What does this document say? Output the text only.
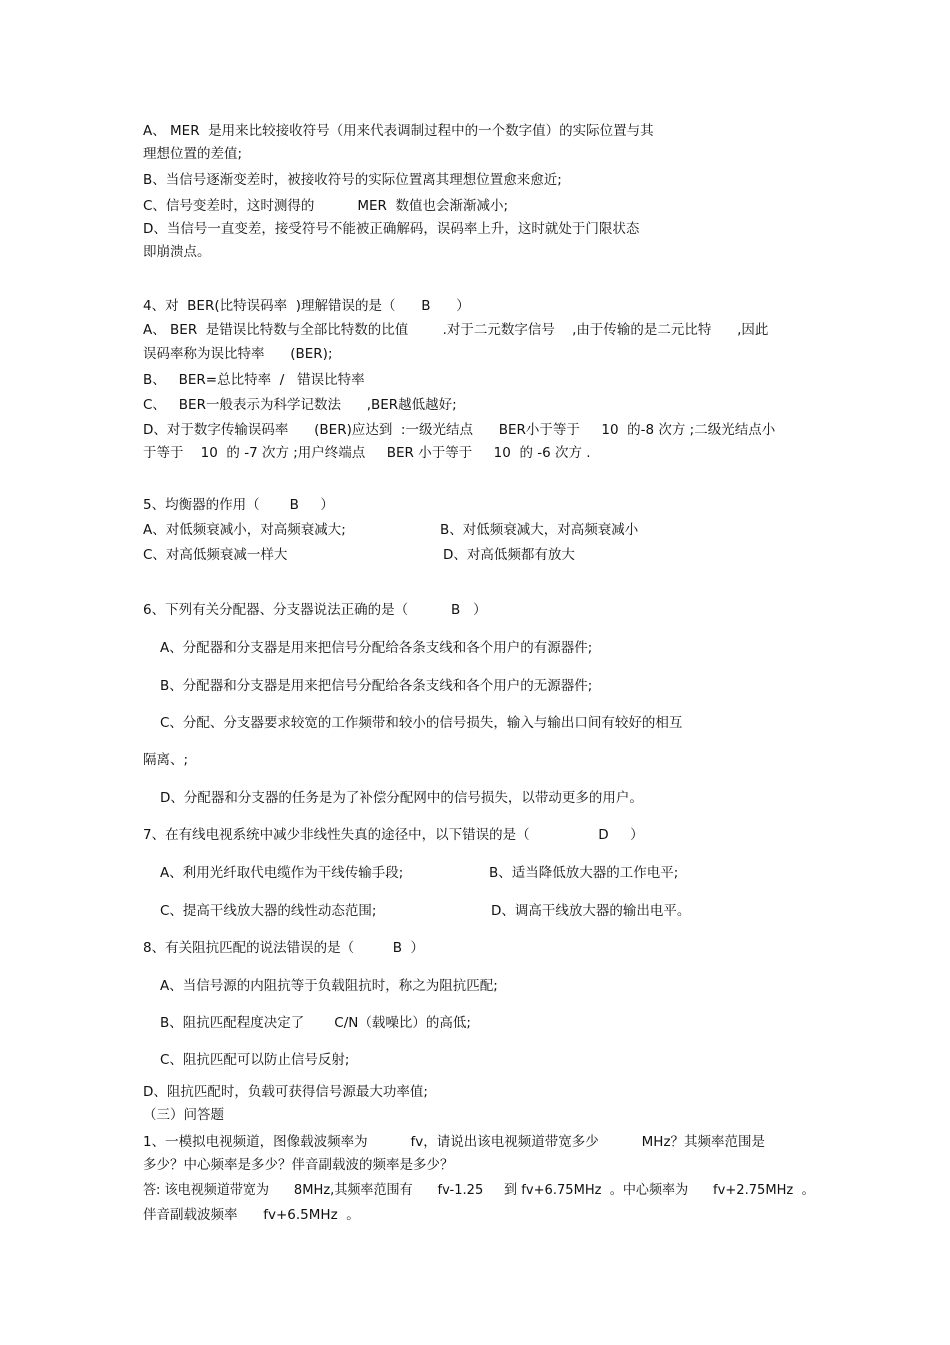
A、 MER  是用来比较接收符号（用来代表调制过程中的一个数字值）的实际位置与其

理想位置的差值;

B、当信号逐渐变差时，被接收符号的实际位置离其理想位置愈来愈近;

C、信号变差时，这时测得的          MER  数值也会渐渐减小;

D、当信号一直变差，接受符号不能被正确解码，误码率上升，这时就处于门限状态

即崩溃点。

4、对  BER(比特误码率  )理解错误的是（      B      ）

A、 BER  是错误比特数与全部比特数的比值        .对于二元数字信号    ,由于传输的是二元比特      ,因此

误码率称为误比特率      (BER);

B、   BER=总比特率  /   错误比特率

C、   BER一般表示为科学记数法      ,BER越低越好;

D、对于数字传输误码率      (BER)应达到  :一级光结点      BER小于等于     10  的-8 次方 ;二级光结点小

于等于    10  的 -7 次方 ;用户终端点     BER 小于等于     10  的 -6 次方 .

5、均衡器的作用（       B     ）

A、对低频衰减小，对高频衰减大;	B、对低频衰减大，对高频衰减小

C、对高低频衰减一样大	D、对高低频都有放大

6、下列有关分配器、分支器说法正确的是（          B   ）

A、分配器和分支器是用来把信号分配给各条支线和各个用户的有源器件;

B、分配器和分支器是用来把信号分配给各条支线和各个用户的无源器件;

C、分配、分支器要求较宽的工作频带和较小的信号损失，输入与输出口间有较好的相互

隔离、;

D、分配器和分支器的任务是为了补偿分配网中的信号损失，以带动更多的用户。

7、在有线电视系统中减少非线性失真的途径中，以下错误的是（                D     ）

A、利用光纤取代电缆作为干线传输手段;	B、适当降低放大器的工作电平;

C、提高干线放大器的线性动态范围;	D、调高干线放大器的输出电平。

8、有关阻抗匹配的说法错误的是（         B  ）

A、当信号源的内阻抗等于负载阻抗时，称之为阻抗匹配;

B、阻抗匹配程度决定了       C/N（载噪比）的高低;

C、阻抗匹配可以防止信号反射;

D、阻抗匹配时，负载可获得信号源最大功率值;

（三）问答题

1、一模拟电视频道，图像载波频率为          fv，请说出该电视频道带宽多少          MHz？其频率范围是

多少？中心频率是多少？伴音副载波的频率是多少？

答: 该电视频道带宽为      8MHz,其频率范围有      fv-1.25     到 fv+6.75MHz  。中心频率为      fv+2.75MHz  。

伴音副载波频率      fv+6.5MHz  。
